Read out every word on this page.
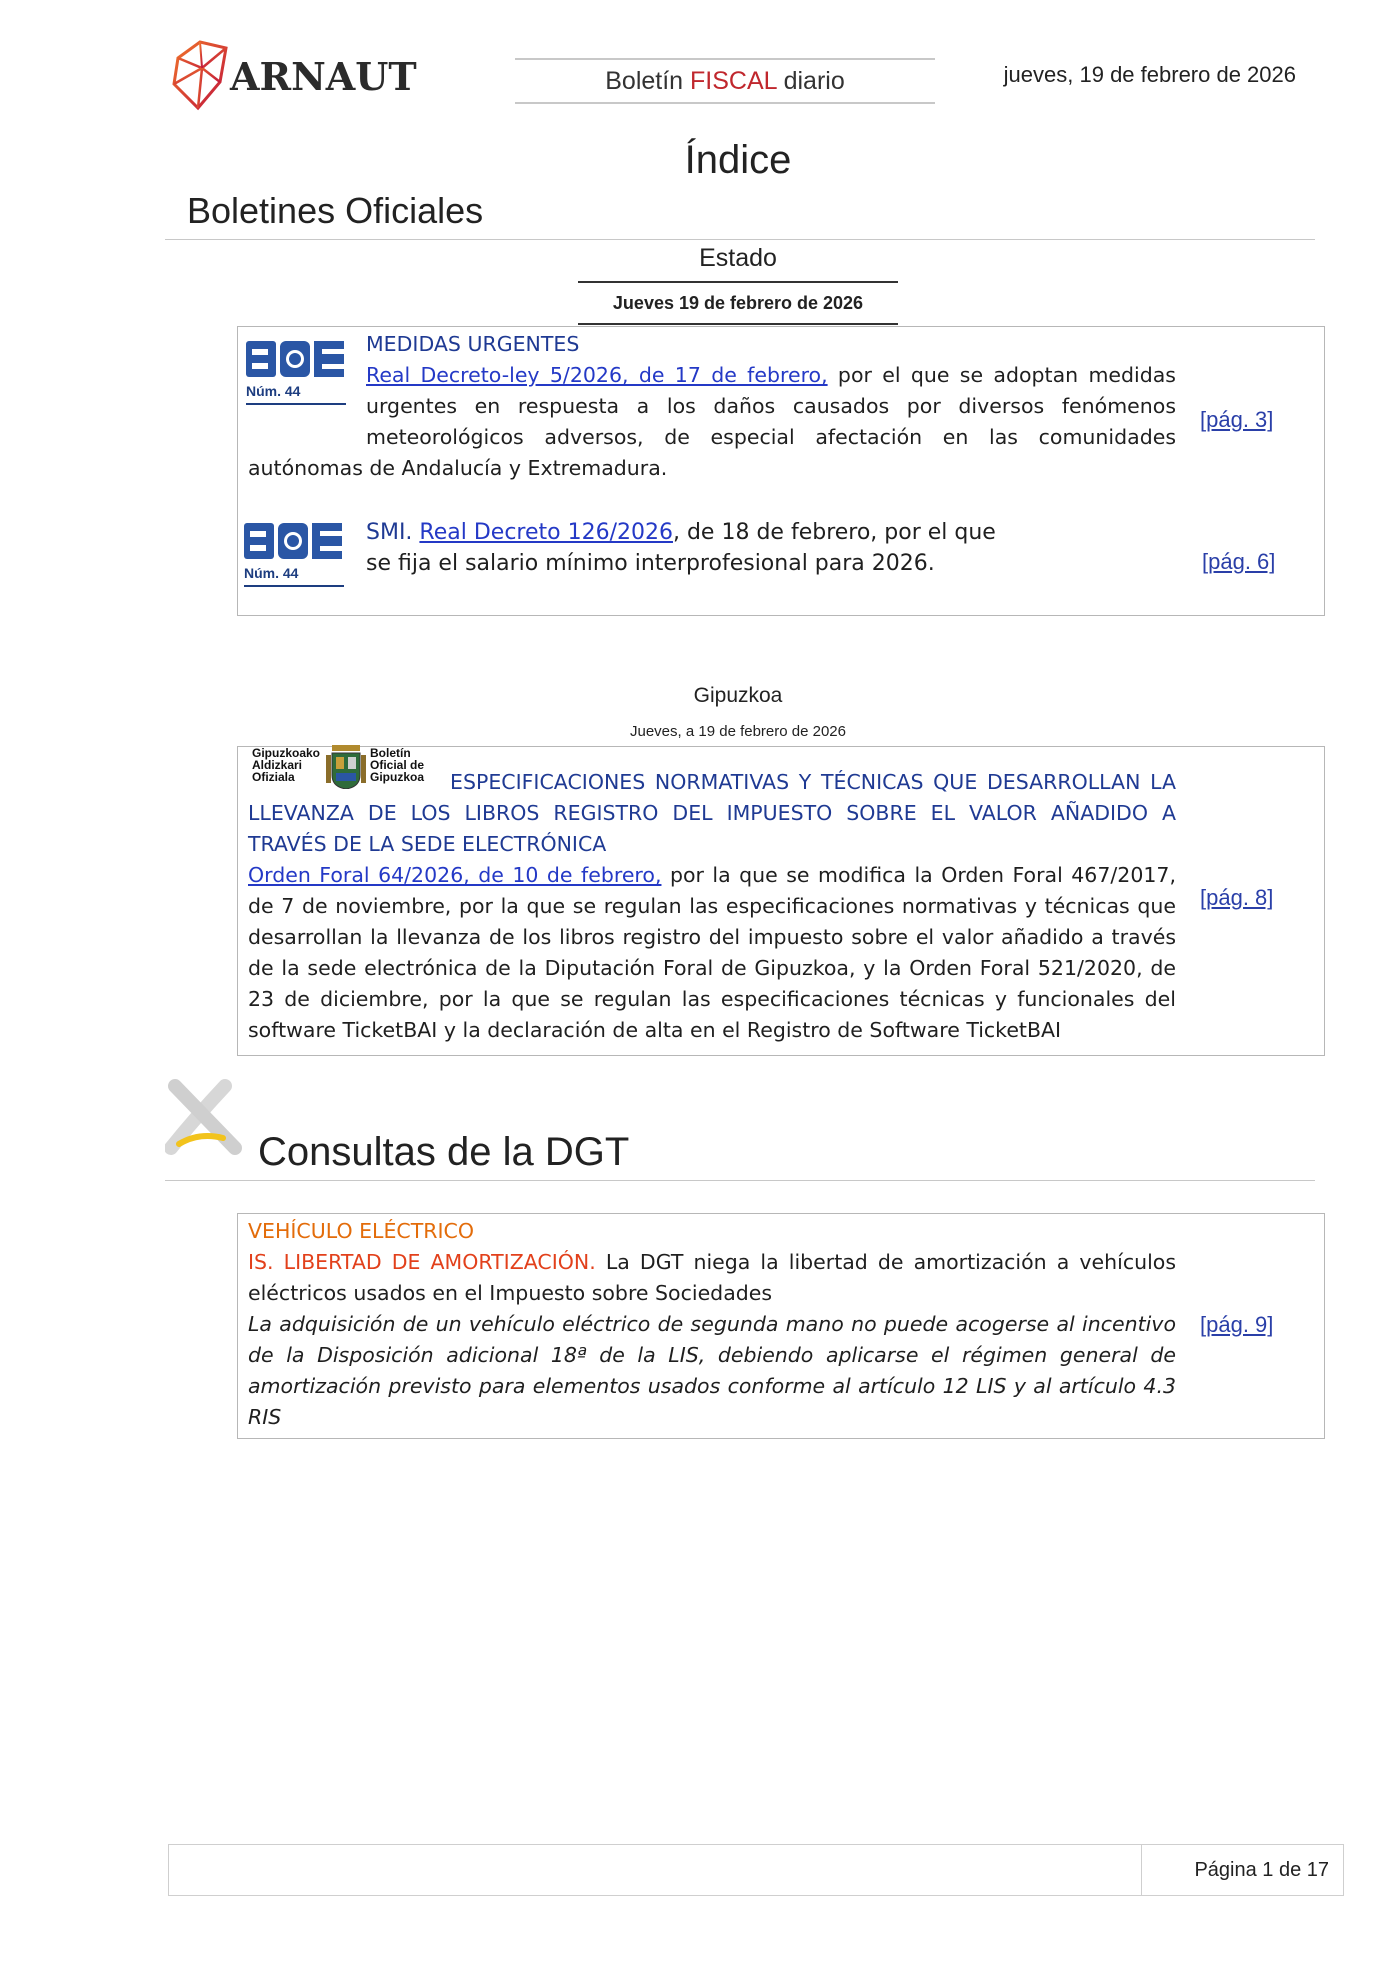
ARNAUT	Boletín FISCAL diario	jueves, 19 de febrero de 2026
Índice
Boletines Oficiales
Estado
Jueves 19 de febrero de 2026
Núm. 44
MEDIDAS URGENTES
Real Decreto-ley 5/2026, de 17 de febrero, por el que se adoptan medidas urgentes en respuesta a los daños causados por diversos fenómenos meteorológicos adversos, de especial afectación en las comunidades autónomas de Andalucía y Extremadura.
[pág. 3]
Núm. 44
SMI. Real Decreto 126/2026, de 18 de febrero, por el que se fija el salario mínimo interprofesional para 2026.	[pág. 6]
Gipuzkoa
Jueves, a 19 de febrero de 2026
Gipuzkoako
Aldizkari
Ofiziala
Boletín
Oficial de
Gipuzkoa	ESPECIFICACIONES NORMATIVAS Y TÉCNICAS QUE DESARROLLAN LA LLEVANZA DE LOS LIBROS REGISTRO DEL IMPUESTO SOBRE EL VALOR AÑADIDO A TRAVÉS DE LA SEDE ELECTRÓNICA
Orden Foral 64/2026, de 10 de febrero, por la que se modifica la Orden Foral 467/2017, de 7 de noviembre, por la que se regulan las especificaciones normativas y técnicas que desarrollan la llevanza de los libros registro del impuesto sobre el valor añadido a través de la sede electrónica de la Diputación Foral de Gipuzkoa, y la Orden Foral 521/2020, de 23 de diciembre, por la que se regulan las especificaciones técnicas y funcionales del software TicketBAI y la declaración de alta en el Registro de Software TicketBAI
[pág. 8]
Consultas de la DGT
VEHÍCULO ELÉCTRICO
IS. LIBERTAD DE AMORTIZACIÓN. La DGT niega la libertad de amortización a vehículos eléctricos usados en el Impuesto sobre Sociedades
La adquisición de un vehículo eléctrico de segunda mano no puede acogerse al incentivo de la Disposición adicional 18ª de la LIS, debiendo aplicarse el régimen general de amortización previsto para elementos usados conforme al artículo 12 LIS y al artículo 4.3 RIS
[pág. 9]
Página 1 de 17
